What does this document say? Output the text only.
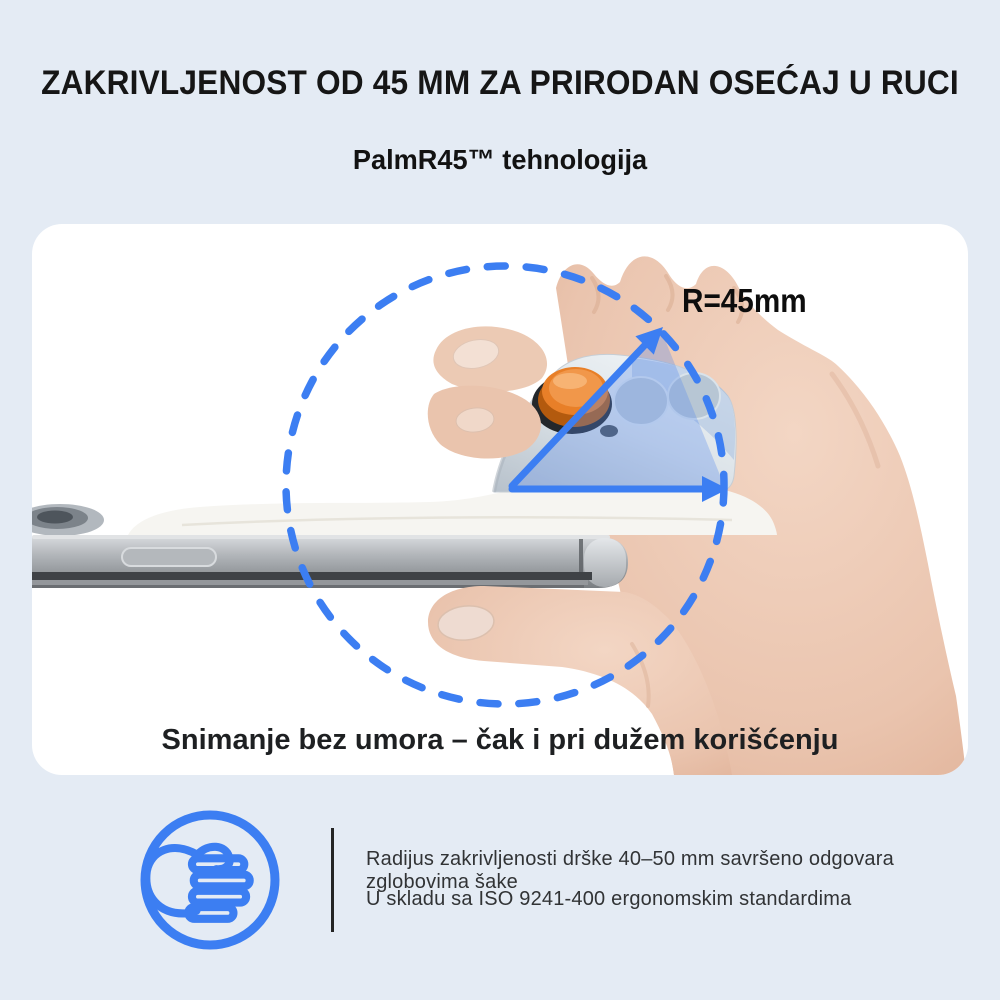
ZAKRIVLJENOST OD 45 MM ZA PRIRODAN OSEĆAJ U RUCI
PalmR45™ tehnologija
R=45mm

Snimanje bez umora – čak i pri dužem korišćenju

Radijus zakrivljenosti drške 40–50 mm savršeno odgovara zglobovima šake

U skladu sa ISO 9241-400 ergonomskim standardima
